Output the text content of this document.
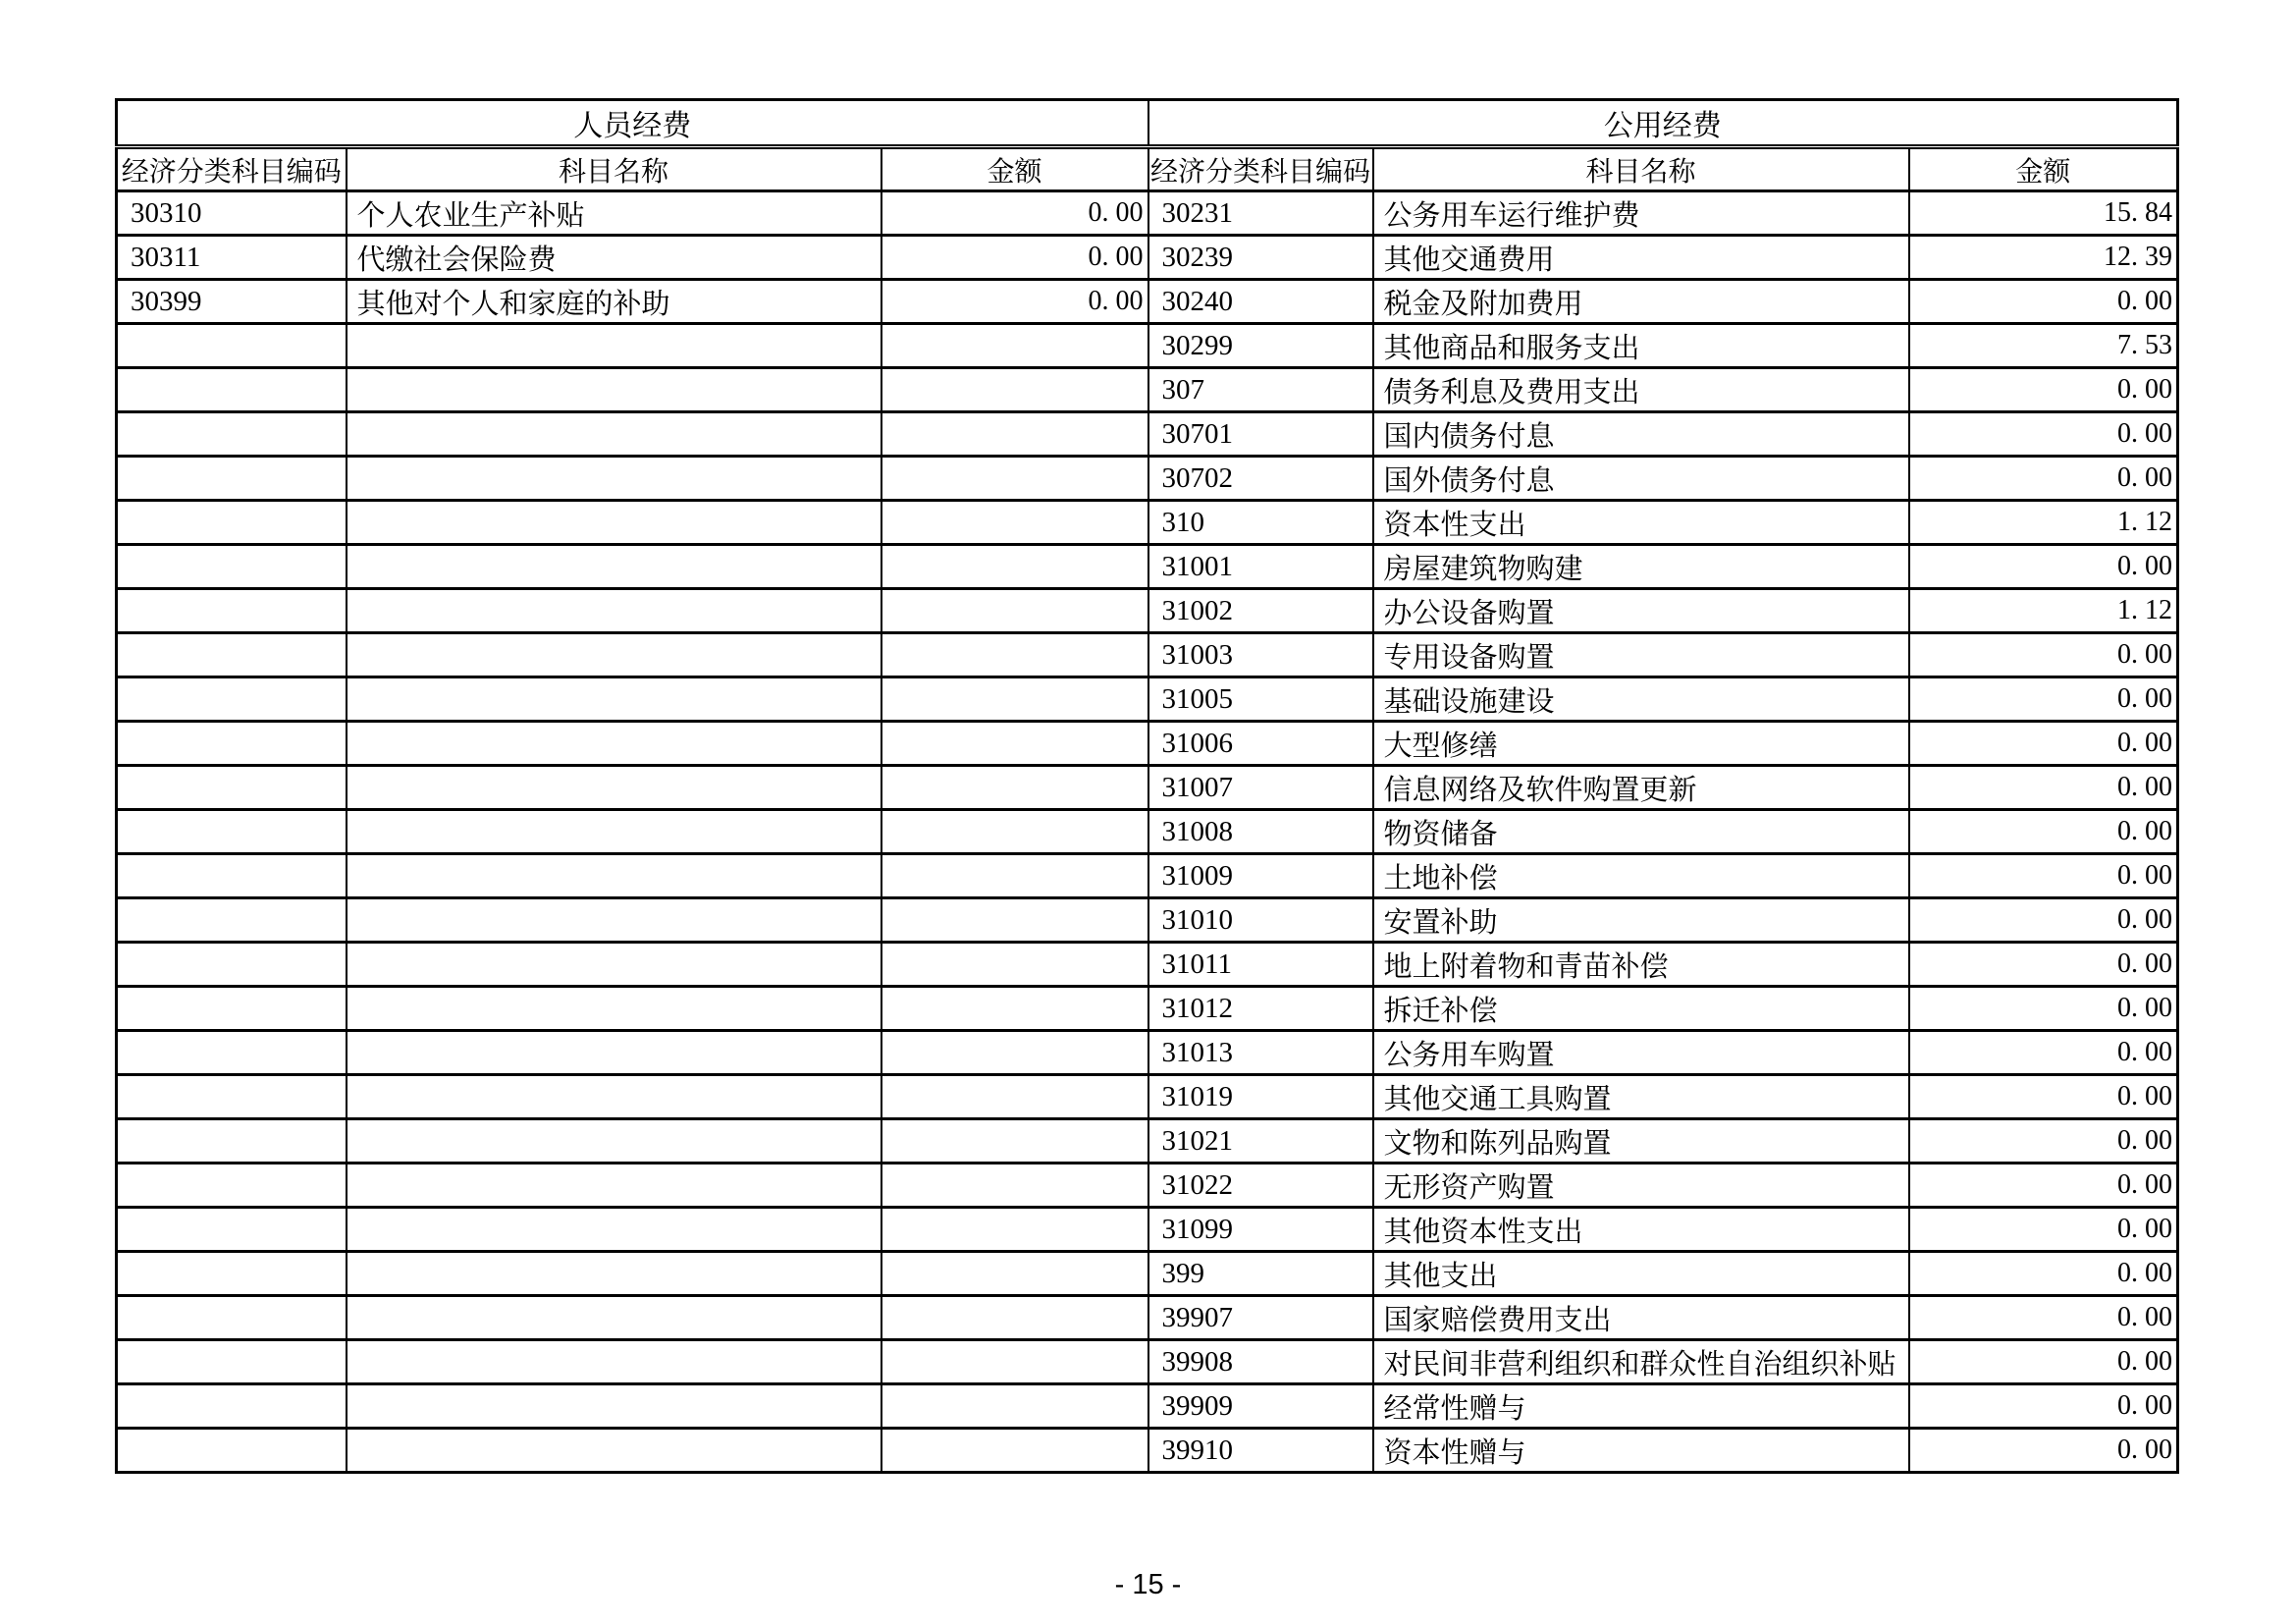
人员经费			公用经费		
经济分类科目编码	科目名称	金额	经济分类科目编码	科目名称	金额
30310	个人农业生产补贴	0. 00	30231	公务用车运行维护费	15. 84
30311	代缴社会保险费	0. 00	30239	其他交通费用	12. 39
30399	其他对个人和家庭的补助	0. 00	30240	税金及附加费用	0. 00
			30299	其他商品和服务支出	7. 53
			307	债务利息及费用支出	0. 00
			30701	国内债务付息	0. 00
			30702	国外债务付息	0. 00
			310	资本性支出	1. 12
			31001	房屋建筑物购建	0. 00
			31002	办公设备购置	1. 12
			31003	专用设备购置	0. 00
			31005	基础设施建设	0. 00
			31006	大型修缮	0. 00
			31007	信息网络及软件购置更新	0. 00
			31008	物资储备	0. 00
			31009	土地补偿	0. 00
			31010	安置补助	0. 00
			31011	地上附着物和青苗补偿	0. 00
			31012	拆迁补偿	0. 00
			31013	公务用车购置	0. 00
			31019	其他交通工具购置	0. 00
			31021	文物和陈列品购置	0. 00
			31022	无形资产购置	0. 00
			31099	其他资本性支出	0. 00
			399	其他支出	0. 00
			39907	国家赔偿费用支出	0. 00
			39908	对民间非营利组织和群众性自治组织补贴	0. 00
			39909	经常性赠与	0. 00
			39910	资本性赠与	0. 00
- 15 -
